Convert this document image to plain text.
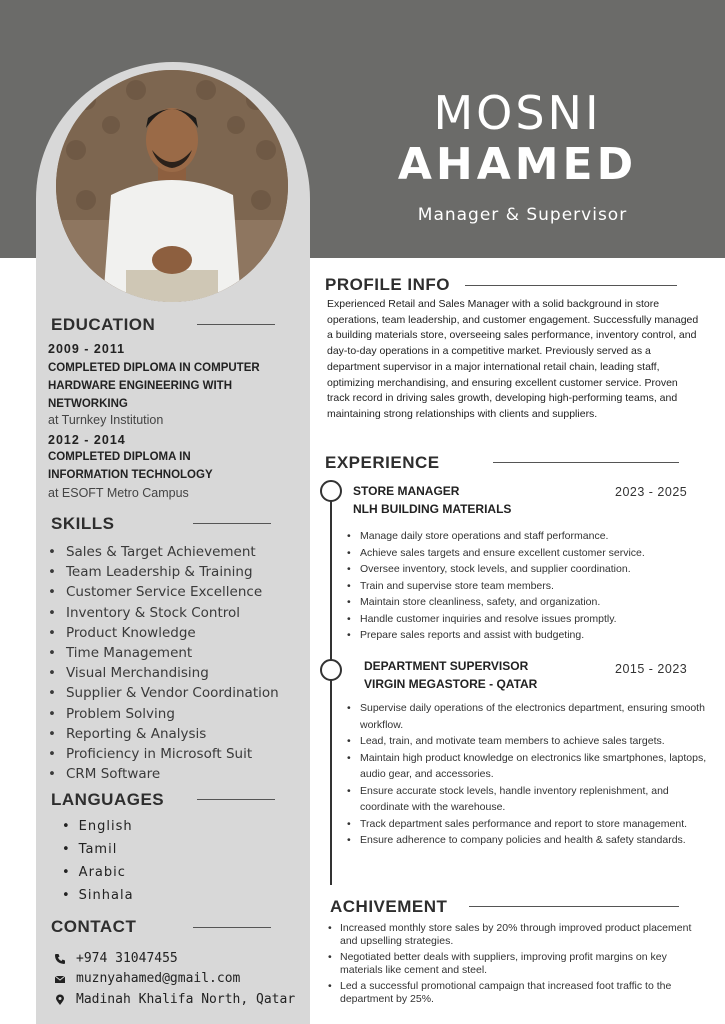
MOSNI
AHAMED
Manager & Supervisor
EDUCATION
2009 - 2011
COMPLETED DIPLOMA IN COMPUTER HARDWARE ENGINEERING WITH NETWORKING
at Turnkey Institution
2012 - 2014
COMPLETED DIPLOMA IN INFORMATION TECHNOLOGY
at ESOFT Metro Campus
SKILLS
• Sales & Target Achievement
• Team Leadership & Training
• Customer Service Excellence
• Inventory & Stock Control
• Product Knowledge
• Time Management
• Visual Merchandising
• Supplier & Vendor Coordination
• Problem Solving
• Reporting & Analysis
• Proficiency in Microsoft Suit
• CRM Software
LANGUAGES
• English
• Tamil
• Arabic
• Sinhala
CONTACT
+974 31047455
muznyahamed@gmail.com
Madinah Khalifa North, Qatar
PROFILE INFO
Experienced Retail and Sales Manager with a solid background in store operations, team leadership, and customer engagement. Successfully managed a building materials store, overseeing sales performance, inventory control, and day-to-day operations in a competitive market. Previously served as a department supervisor in a major international retail chain, leading staff, optimizing merchandising, and ensuring excellent customer service. Proven track record in driving sales growth, developing high-performing teams, and maintaining strong relationships with clients and suppliers.
EXPERIENCE
STORE MANAGER
NLH BUILDING MATERIALS
2023 - 2025
• Manage daily store operations and staff performance.
• Achieve sales targets and ensure excellent customer service.
• Oversee inventory, stock levels, and supplier coordination.
• Train and supervise store team members.
• Maintain store cleanliness, safety, and organization.
• Handle customer inquiries and resolve issues promptly.
• Prepare sales reports and assist with budgeting.
DEPARTMENT SUPERVISOR
VIRGIN MEGASTORE - QATAR
2015 - 2023
• Supervise daily operations of the electronics department, ensuring smooth workflow.
• Lead, train, and motivate team members to achieve sales targets.
• Maintain high product knowledge on electronics like smartphones, laptops, audio gear, and accessories.
• Ensure accurate stock levels, handle inventory replenishment, and coordinate with the warehouse.
• Track department sales performance and report to store management.
• Ensure adherence to company policies and health & safety standards.
ACHIVEMENT
• Increased monthly store sales by 20% through improved product placement and upselling strategies.
• Negotiated better deals with suppliers, improving profit margins on key materials like cement and steel.
• Led a successful promotional campaign that increased foot traffic to the department by 25%.
